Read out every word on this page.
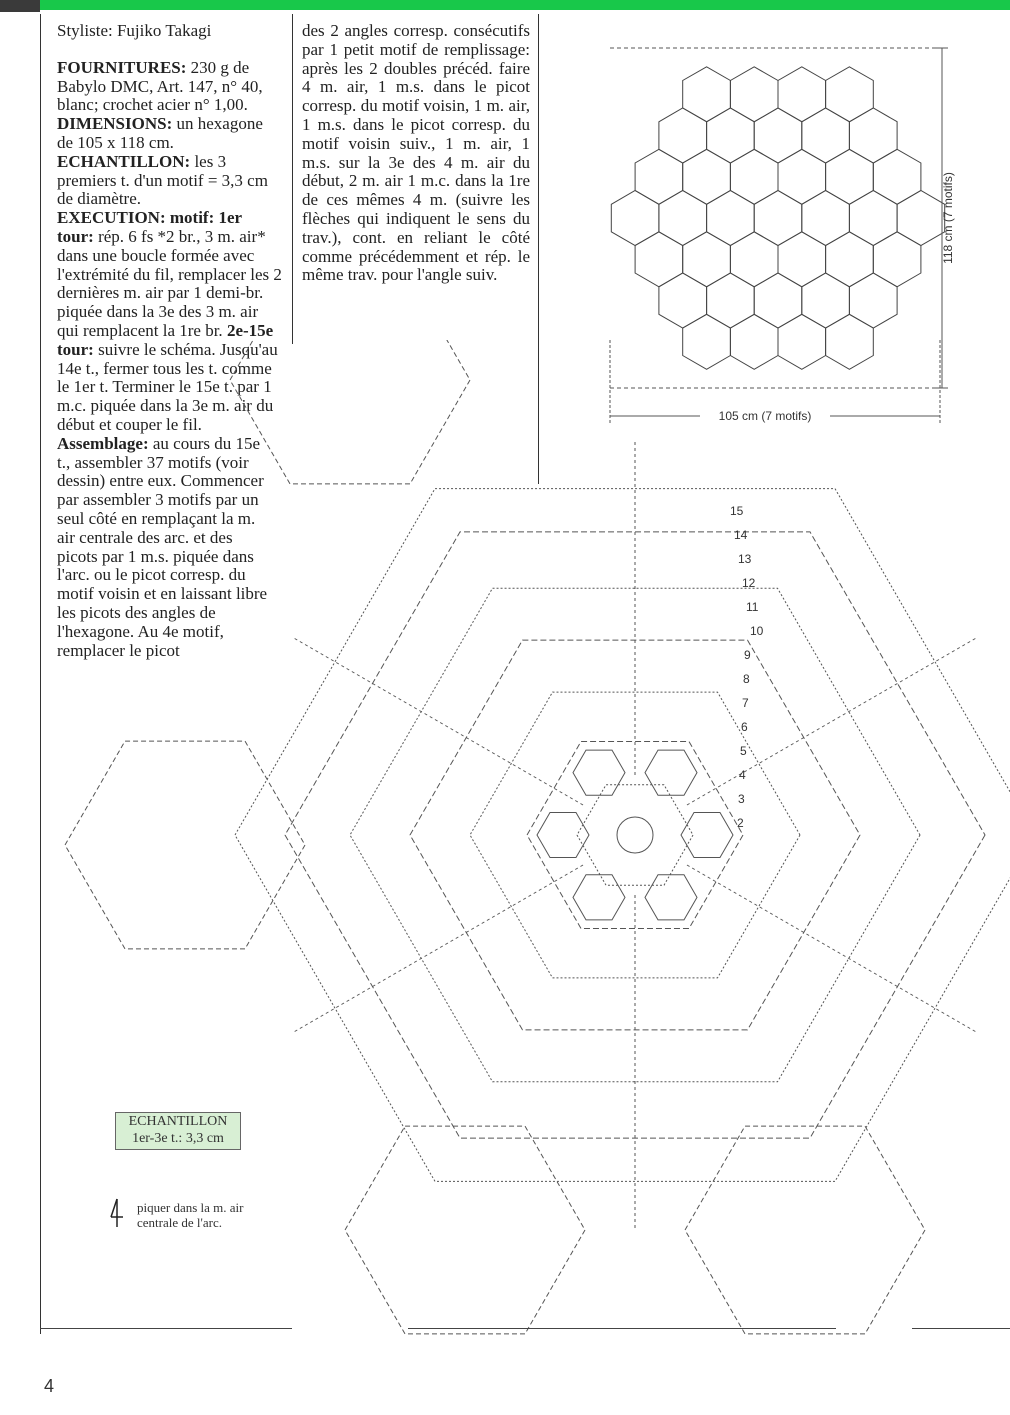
Styliste: Fujiko Takagi

FOURNITURES: 230 g de Babylo DMC, Art. 147, n° 40, blanc; crochet acier n° 1,00.

DIMENSIONS: un hexagone de 105 x 118 cm.

ECHANTILLON: les 3 premiers t. d'un motif = 3,3 cm de diamètre.

EXECUTION: motif: 1er tour: rép. 6 fs *2 br., 3 m. air* dans une boucle formée avec l'extrémité du fil, remplacer les 2 dernières m. air par 1 demi-br. piquée dans la 3e des 3 m. air qui remplacent la 1re br. 2e-15e tour: suivre le schéma. Jusqu'au 14e t., fermer tous les t. comme le 1er t. Terminer le 15e t. par 1 m.c. piquée dans la 3e m. air du début et couper le fil.

Assemblage: au cours du 15e t., assembler 37 motifs (voir dessin) entre eux. Commencer par assembler 3 motifs par un seul côté en remplaçant la m. air centrale des arc. et des picots par 1 m.s. piquée dans l'arc. ou le picot corresp. du motif voisin et en laissant libre les picots des angles de l'hexagone. Au 4e motif, remplacer le picot

des 2 angles corresp. consécutifs par 1 petit motif de remplissage: après les 2 doubles précéd. faire 4 m. air, 1 m.s. dans le picot corresp. du motif voisin, 1 m. air, 1 m.s. dans le picot corresp. du motif voisin suiv., 1 m. air, 1 m.s. sur la 3e des 4 m. air du début, 2 m. air 1 m.c. dans la 1re de ces mêmes 4 m. (suivre les flèches qui indiquent le sens du trav.), cont. en reliant le côté comme précédemment et rép. le même trav. pour l'angle suiv.

105 cm (7 motifs)
118 cm (7 motifs)
15
14
13
12
11
10
9
8
7
6
5
4
3
2
ECHANTILLON
1er-3e t.: 3,3 cm
piquer dans la m. air
centrale de l'arc.
4
